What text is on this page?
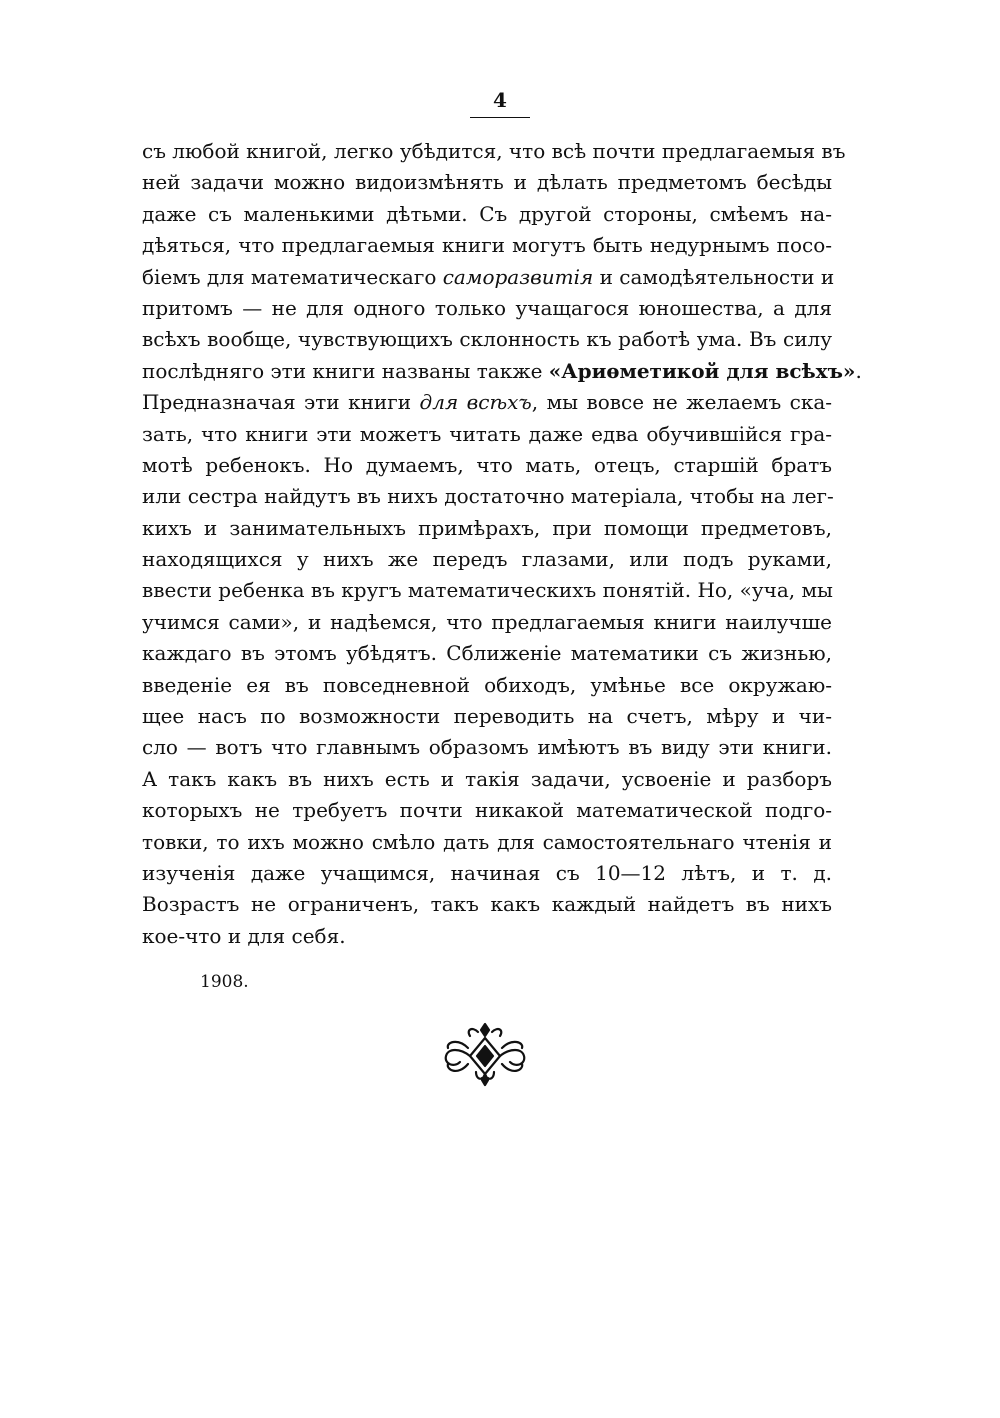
4
съ любой книгой, легко убѣдится, что всѣ почти предлагаемыя въ
ней задачи можно видоизмѣнять и дѣлать предметомъ бесѣды
даже съ маленькими дѣтьми. Съ другой стороны, смѣемъ на-
дѣяться, что предлагаемыя книги могутъ быть недурнымъ посо-
біемъ для математическаго саморазвитія и самодѣятельности и
притомъ — не для одного только учащагося юношества, а для
всѣхъ вообще, чувствующихъ склонность къ работѣ ума. Въ силу
послѣдняго эти книги названы также «Ариѳметикой для всѣхъ».
Предназначая эти книги для всѣхъ, мы вовсе не желаемъ ска-
зать, что книги эти можетъ читать даже едва обучившійся гра-
мотѣ ребенокъ. Но думаемъ, что мать, отецъ, старшій братъ
или сестра найдутъ въ нихъ достаточно матеріала, чтобы на лег-
кихъ и занимательныхъ примѣрахъ, при помощи предметовъ,
находящихся у нихъ же передъ глазами, или подъ руками,
ввести ребенка въ кругъ математическихъ понятій. Но, «уча, мы
учимся сами», и надѣемся, что предлагаемыя книги наилучше
каждаго въ этомъ убѣдятъ. Сближеніе математики съ жизнью,
введеніе ея въ повседневной обиходъ, умѣнье все окружаю-
щее насъ по возможности переводить на счетъ, мѣру и чи-
сло — вотъ что главнымъ образомъ имѣютъ въ виду эти книги.
А такъ какъ въ нихъ есть и такія задачи, усвоеніе и разборъ
которыхъ не требуетъ почти никакой математической подго-
товки, то ихъ можно смѣло дать для самостоятельнаго чтенія и
изученія даже учащимся, начиная съ 10—12 лѣтъ, и т. д.
Возрастъ не ограниченъ, такъ какъ каждый найдетъ въ нихъ
кое-что и для себя.
1908.
